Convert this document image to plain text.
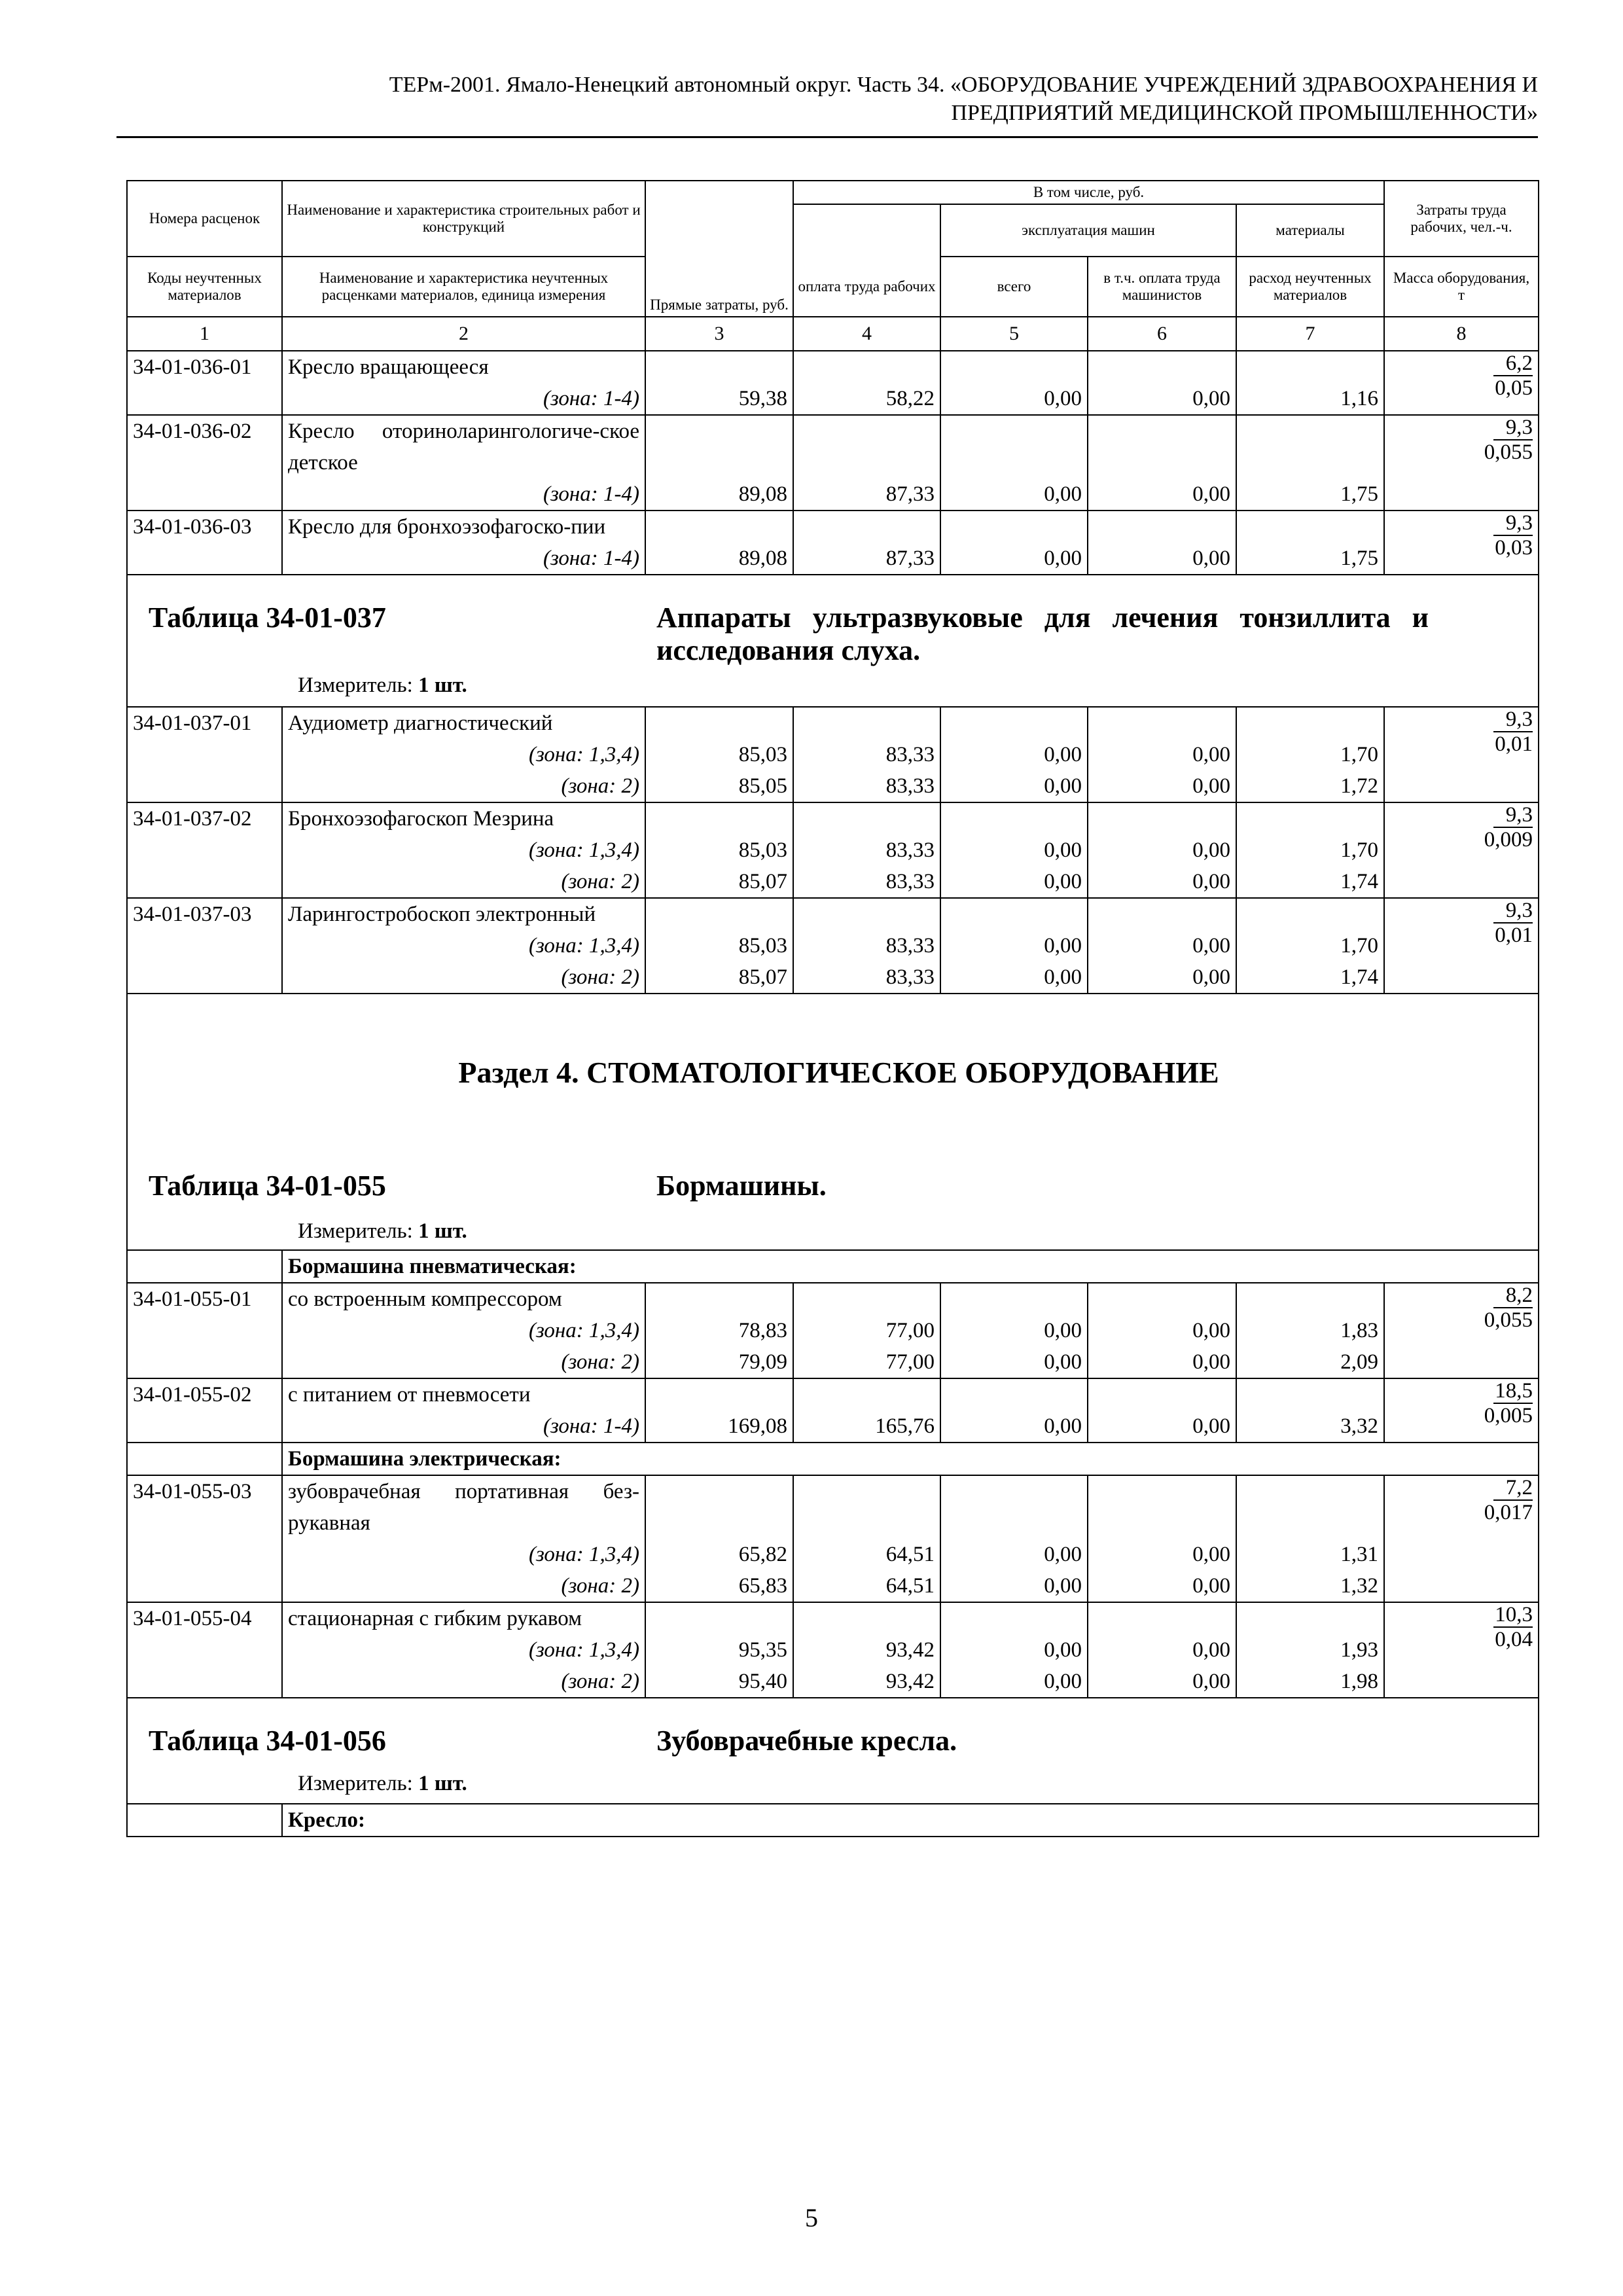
ТЕРм-2001. Ямало-Ненецкий автономный округ. Часть 34. «ОБОРУДОВАНИЕ УЧРЕЖДЕНИЙ ЗДРАВООХРАНЕНИЯ И
ПРЕДПРИЯТИЙ МЕДИЦИНСКОЙ ПРОМЫШЛЕННОСТИ»
Номера расценок	Наименование и характеристика строительных работ и конструкций	Прямые затраты, руб.	В том числе, руб.				Затраты труда рабочих, чел.-ч.
				эксплуатация машин		материалы	
Коды неучтенных материалов	Наименование и характеристика неучтенных расценками материалов, единица измерения		оплата труда рабочих	всего	в т.ч. оплата труда машинистов	расход неучтенных материалов	Масса оборудования, т
1	2	3	4	5	6	7	8
34-01-036-01	Кресло вращающееся						$\frac{6,2}{0,05}$

	(зона: 1-4)	59,38	58,22	0,00	0,00	1,16	
34-01-036-02	Кресло оториноларингологиче-ское детское						$\frac{9,3}{0,055}$

	(зона: 1-4)	89,08	87,33	0,00	0,00	1,75	
34-01-036-03	Кресло для бронхоэзофагоско-пии						$\frac{9,3}{0,03}$

	(зона: 1-4)	89,08	87,33	0,00	0,00	1,75	

Таблица 34-01-037 Аппараты ультразвуковые для лечения тонзиллита и исследования слуха.
Измеритель: 1 шт.							

34-01-037-01	Аудиометр диагностический						$\frac{9,3}{0,01}$

	(зона: 1,3,4)	85,03	83,33	0,00	0,00	1,70	
	(зона: 2)	85,05	83,33	0,00	0,00	1,72	
34-01-037-02	Бронхоэзофагоскоп Мезрина						$\frac{9,3}{0,009}$

	(зона: 1,3,4)	85,03	83,33	0,00	0,00	1,70	
	(зона: 2)	85,07	83,33	0,00	0,00	1,74	
34-01-037-03	Ларингостробоскоп электронный						$\frac{9,3}{0,01}$

	(зона: 1,3,4)	85,03	83,33	0,00	0,00	1,70	
	(зона: 2)	85,07	83,33	0,00	0,00	1,74	

Раздел 4. СТОМАТОЛОГИЧЕСКОЕ ОБОРУДОВАНИЕ
Таблица 34-01-055 Бормашины.
Измеритель: 1 шт.							

	Бормашина пневматическая:						
34-01-055-01	со встроенным компрессором						$\frac{8,2}{0,055}$

	(зона: 1,3,4)	78,83	77,00	0,00	0,00	1,83	
	(зона: 2)	79,09	77,00	0,00	0,00	2,09	
34-01-055-02	с питанием от пневмосети						$\frac{18,5}{0,005}$

	(зона: 1-4)	169,08	165,76	0,00	0,00	3,32	
	Бормашина электрическая:						
34-01-055-03	зубоврачебная портативная без-рукавная						$\frac{7,2}{0,017}$

	(зона: 1,3,4)	65,82	64,51	0,00	0,00	1,31	
	(зона: 2)	65,83	64,51	0,00	0,00	1,32	
34-01-055-04	стационарная с гибким рукавом						$\frac{10,3}{0,04}$

	(зона: 1,3,4)	95,35	93,42	0,00	0,00	1,93	
	(зона: 2)	95,40	93,42	0,00	0,00	1,98	

Таблица 34-01-056 Зубоврачебные кресла.
Измеритель: 1 шт.							

	Кресло:						
5
